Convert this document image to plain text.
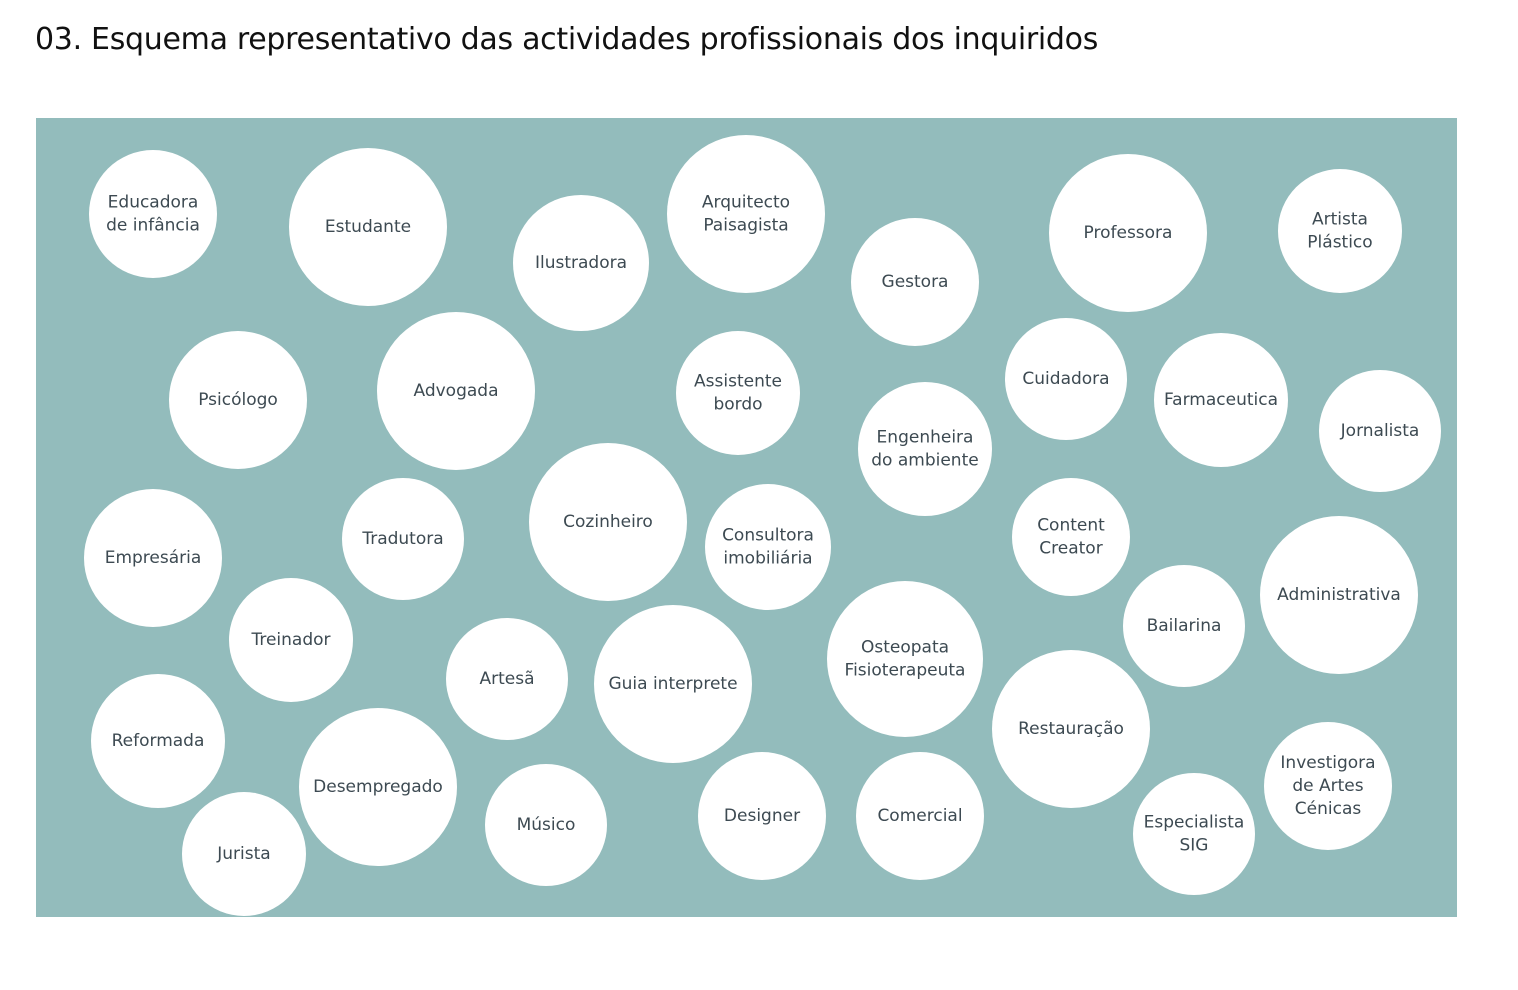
03. Esquema representativo das actividades profissionais dos inquiridos
Educadora
de infância	Estudante
Ilustradora
Arquitecto
Paisagista
Gestora
Professora
Artista
Plástico
Psicólogo	Advogada	Assistente
bordo
Engenheira
do ambiente
Cuidadora
Farmaceutica
Jornalista
Empresária
Tradutora
Cozinheiro
Consultora
imobiliária
Content
Creator
Administrativa
Treinador
Artesã	Guia interprete
Osteopata
Fisioterapeuta
Bailarina
Reformada
Desempregado
Restauração
Investigora
de Artes
Cénicas
Jurista
Músico	Designer	Comercial	Especialista
SIG
